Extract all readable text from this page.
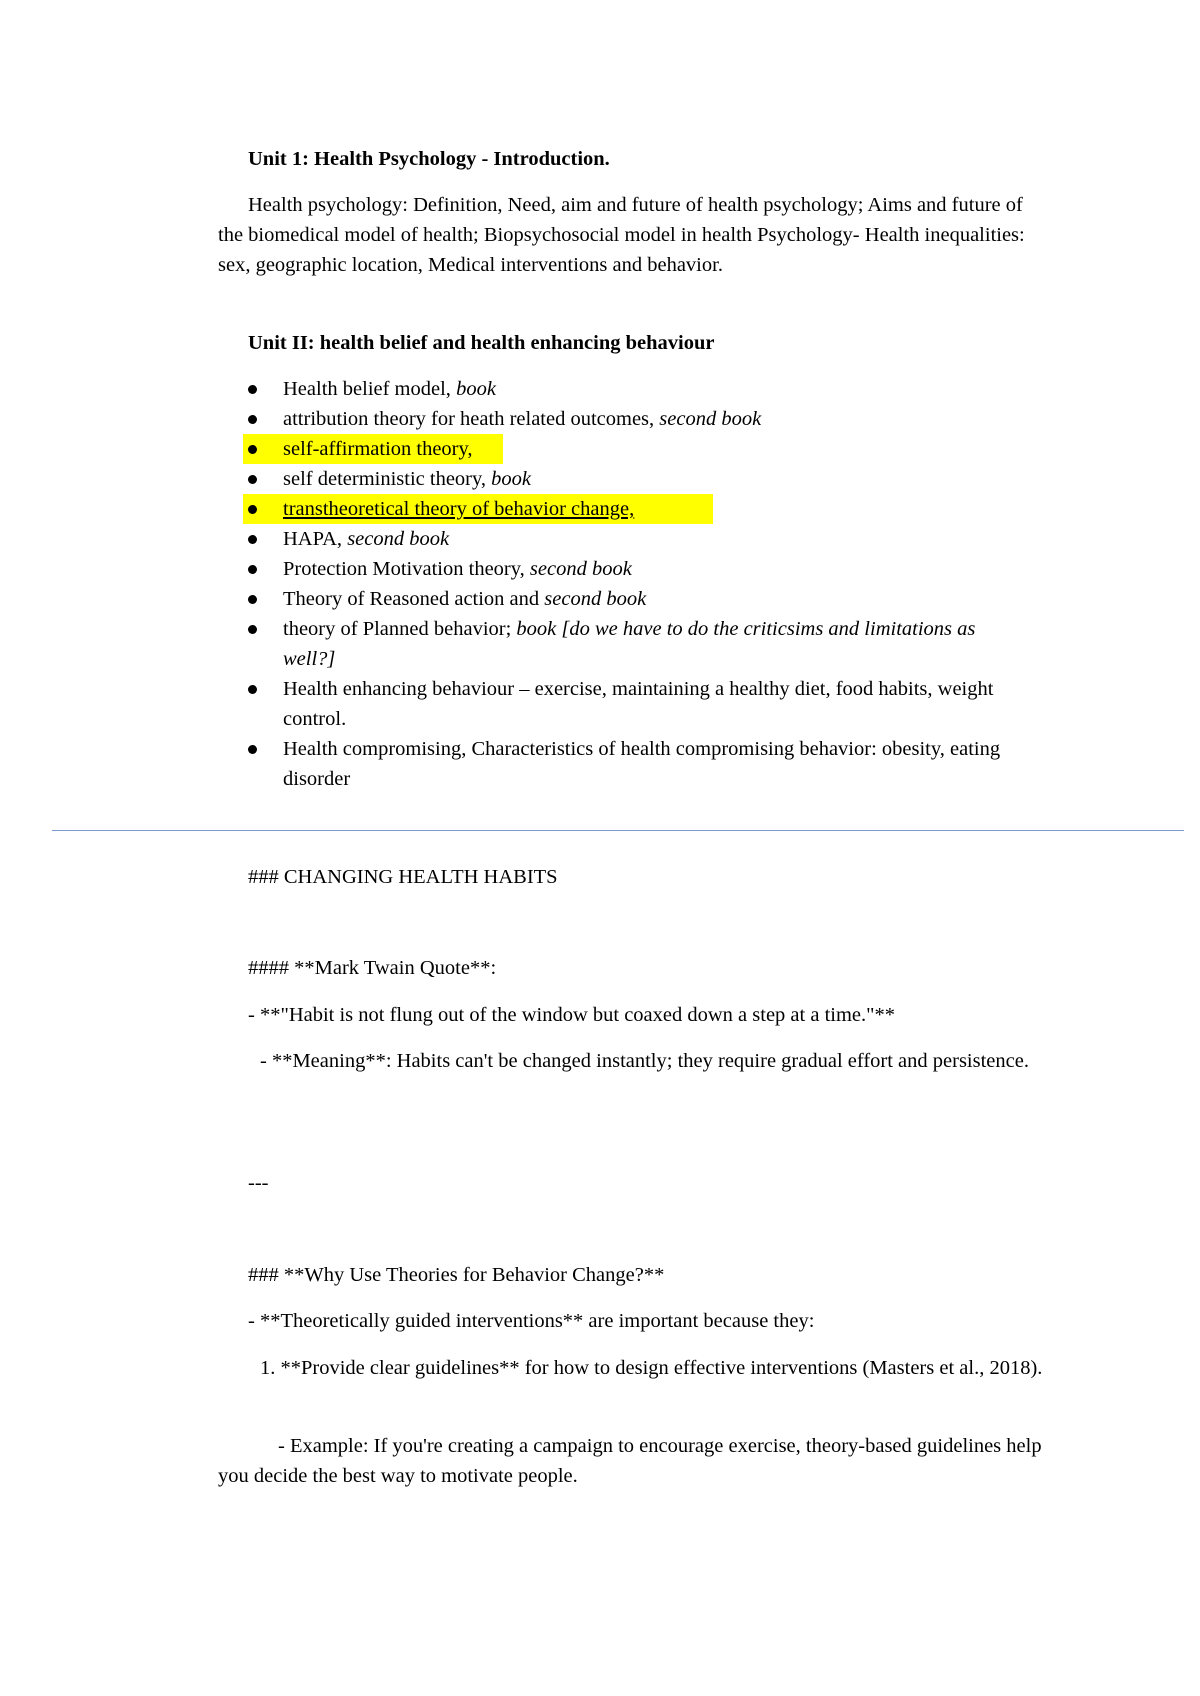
Unit 1: Health Psychology - Introduction.
Health psychology: Definition, Need, aim and future of health psychology; Aims and future of the biomedical model of health; Biopsychosocial model in health Psychology- Health inequalities: sex, geographic location, Medical interventions and behavior.
Unit II: health belief and health enhancing behaviour
Health belief model, book
attribution theory for heath related outcomes, second book
self-affirmation theory,
self deterministic theory, book
transtheoretical theory of behavior change,
HAPA, second book
Protection Motivation theory, second book
Theory of Reasoned action and second book
theory of Planned behavior; book [do we have to do the criticsims and limitations as well?]
Health enhancing behaviour – exercise, maintaining a healthy diet, food habits, weight control.
Health compromising, Characteristics of health compromising behavior: obesity, eating disorder
### CHANGING HEALTH HABITS
#### **Mark Twain Quote**:
- **"Habit is not flung out of the window but coaxed down a step at a time."**
- **Meaning**: Habits can't be changed instantly; they require gradual effort and persistence.
---
### **Why Use Theories for Behavior Change?**
- **Theoretically guided interventions** are important because they:
1. **Provide clear guidelines** for how to design effective interventions (Masters et al., 2018).
- Example: If you're creating a campaign to encourage exercise, theory-based guidelines help you decide the best way to motivate people.
